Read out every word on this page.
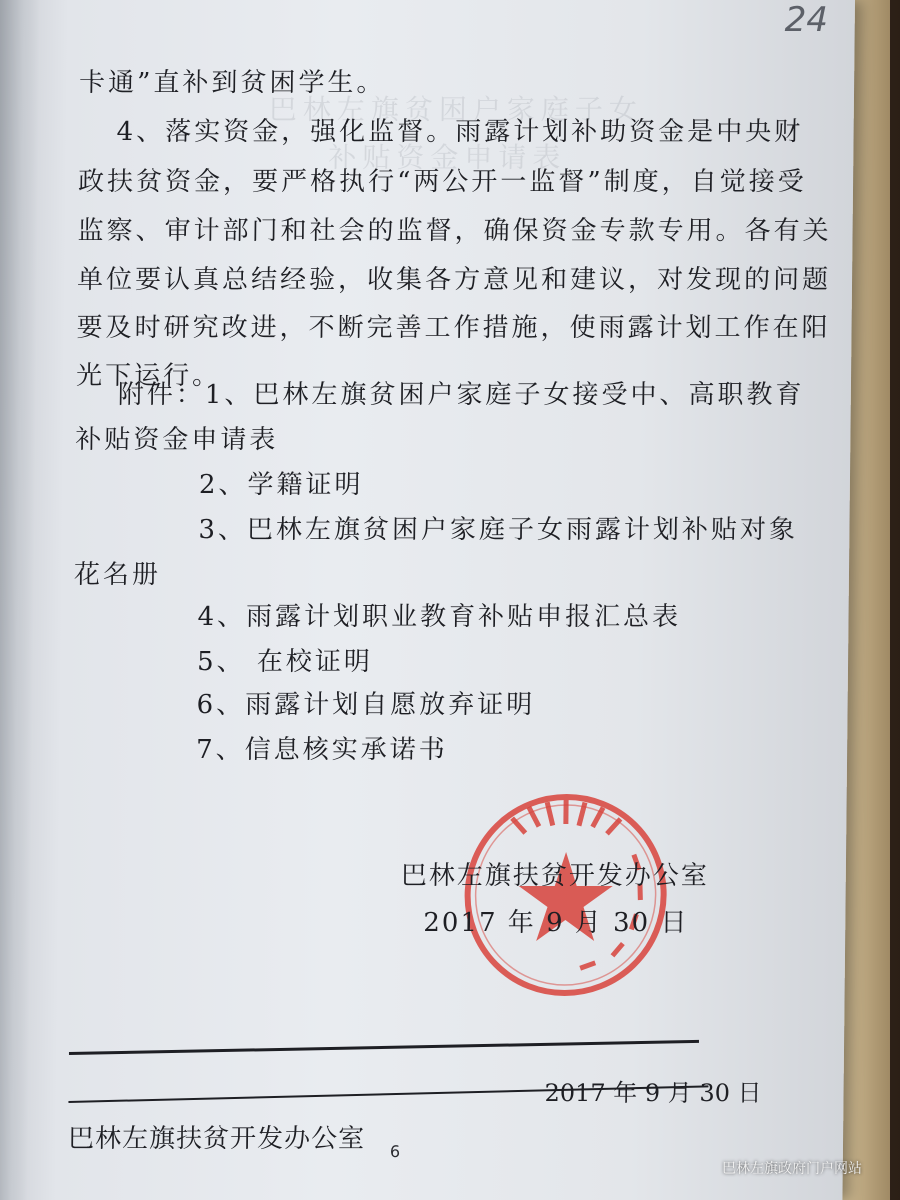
巴林左旗贫困户家庭子女
补贴资金申请表
24
卡通”直补到贫困学生。
4、落实资金，强化监督。雨露计划补助资金是中央财
政扶贫资金，要严格执行“两公开一监督”制度，自觉接受
监察、审计部门和社会的监督，确保资金专款专用。各有关
单位要认真总结经验，收集各方意见和建议，对发现的问题
要及时研究改进，不断完善工作措施，使雨露计划工作在阳
光下运行。
附件：1、巴林左旗贫困户家庭子女接受中、高职教育
补贴资金申请表
2、学籍证明
3、巴林左旗贫困户家庭子女雨露计划补贴对象
花名册
4、雨露计划职业教育补贴申报汇总表
5、 在校证明
6、雨露计划自愿放弃证明
7、信息核实承诺书
巴林左旗扶贫开发办公室
2017 年 9 月 30 日
2017 年 9 月 30 日
巴林左旗扶贫开发办公室 6
巴林左旗政府门户网站
